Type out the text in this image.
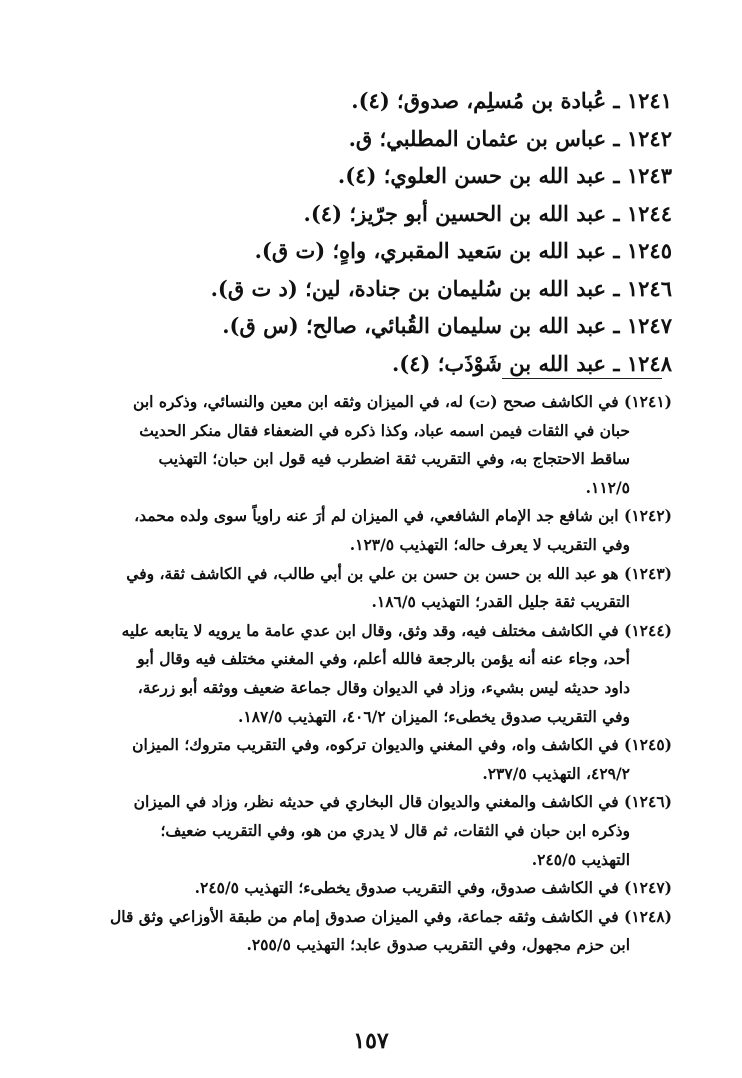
١٢٤١ ـ عُبادة بن مُسلِم، صدوق؛ (٤).
١٢٤٢ ـ عباس بن عثمان المطلبي؛ ق.
١٢٤٣ ـ عبد الله بن حسن العلوي؛ (٤).
١٢٤٤ ـ عبد الله بن الحسين أبو جرّيز؛ (٤).
١٢٤٥ ـ عبد الله بن سَعيد المقبري، واهٍ؛ (ت ق).
١٢٤٦ ـ عبد الله بن سُليمان بن جنادة، لين؛ (د ت ق).
١٢٤٧ ـ عبد الله بن سليمان القُبائي، صالح؛ (س ق).
١٢٤٨ ـ عبد الله بن شَوْذَب؛ (٤).
(١٢٤١) في الكاشف صحح (ت) له، في الميزان وثقه ابن معين والنسائي، وذكره ابن
حبان في الثقات فيمن اسمه عباد، وكذا ذكره في الضعفاء فقال منكر الحديث
ساقط الاحتجاج به، وفي التقريب ثقة اضطرب فيه قول ابن حبان؛ التهذيب
١١٢/٥.
(١٢٤٢) ابن شافع جد الإمام الشافعي، في الميزان لم أرَ عنه راوياً سوى ولده محمد،
وفي التقريب لا يعرف حاله؛ التهذيب ١٢٣/٥.
(١٢٤٣) هو عبد الله بن حسن بن حسن بن علي بن أبي طالب، في الكاشف ثقة، وفي
التقريب ثقة جليل القدر؛ التهذيب ١٨٦/٥.
(١٢٤٤) في الكاشف مختلف فيه، وقد وثق، وقال ابن عدي عامة ما يرويه لا يتابعه عليه
أحد، وجاء عنه أنه يؤمن بالرجعة فالله أعلم، وفي المغني مختلف فيه وقال أبو
داود حديثه ليس بشيء، وزاد في الديوان وقال جماعة ضعيف ووثقه أبو زرعة،
وفي التقريب صدوق يخطىء؛ الميزان ٤٠٦/٢، التهذيب ١٨٧/٥.
(١٢٤٥) في الكاشف واه، وفي المغني والديوان تركوه، وفي التقريب متروك؛ الميزان
٤٢٩/٢، التهذيب ٢٣٧/٥.
(١٢٤٦) في الكاشف والمغني والديوان قال البخاري في حديثه نظر، وزاد في الميزان
وذكره ابن حبان في الثقات، ثم قال لا يدري من هو، وفي التقريب ضعيف؛
التهذيب ٢٤٥/٥.
(١٢٤٧) في الكاشف صدوق، وفي التقريب صدوق يخطىء؛ التهذيب ٢٤٥/٥.
(١٢٤٨) في الكاشف وثقه جماعة، وفي الميزان صدوق إمام من طبقة الأوزاعي وثق قال
ابن حزم مجهول، وفي التقريب صدوق عابد؛ التهذيب ٢٥٥/٥.
١٥٧
